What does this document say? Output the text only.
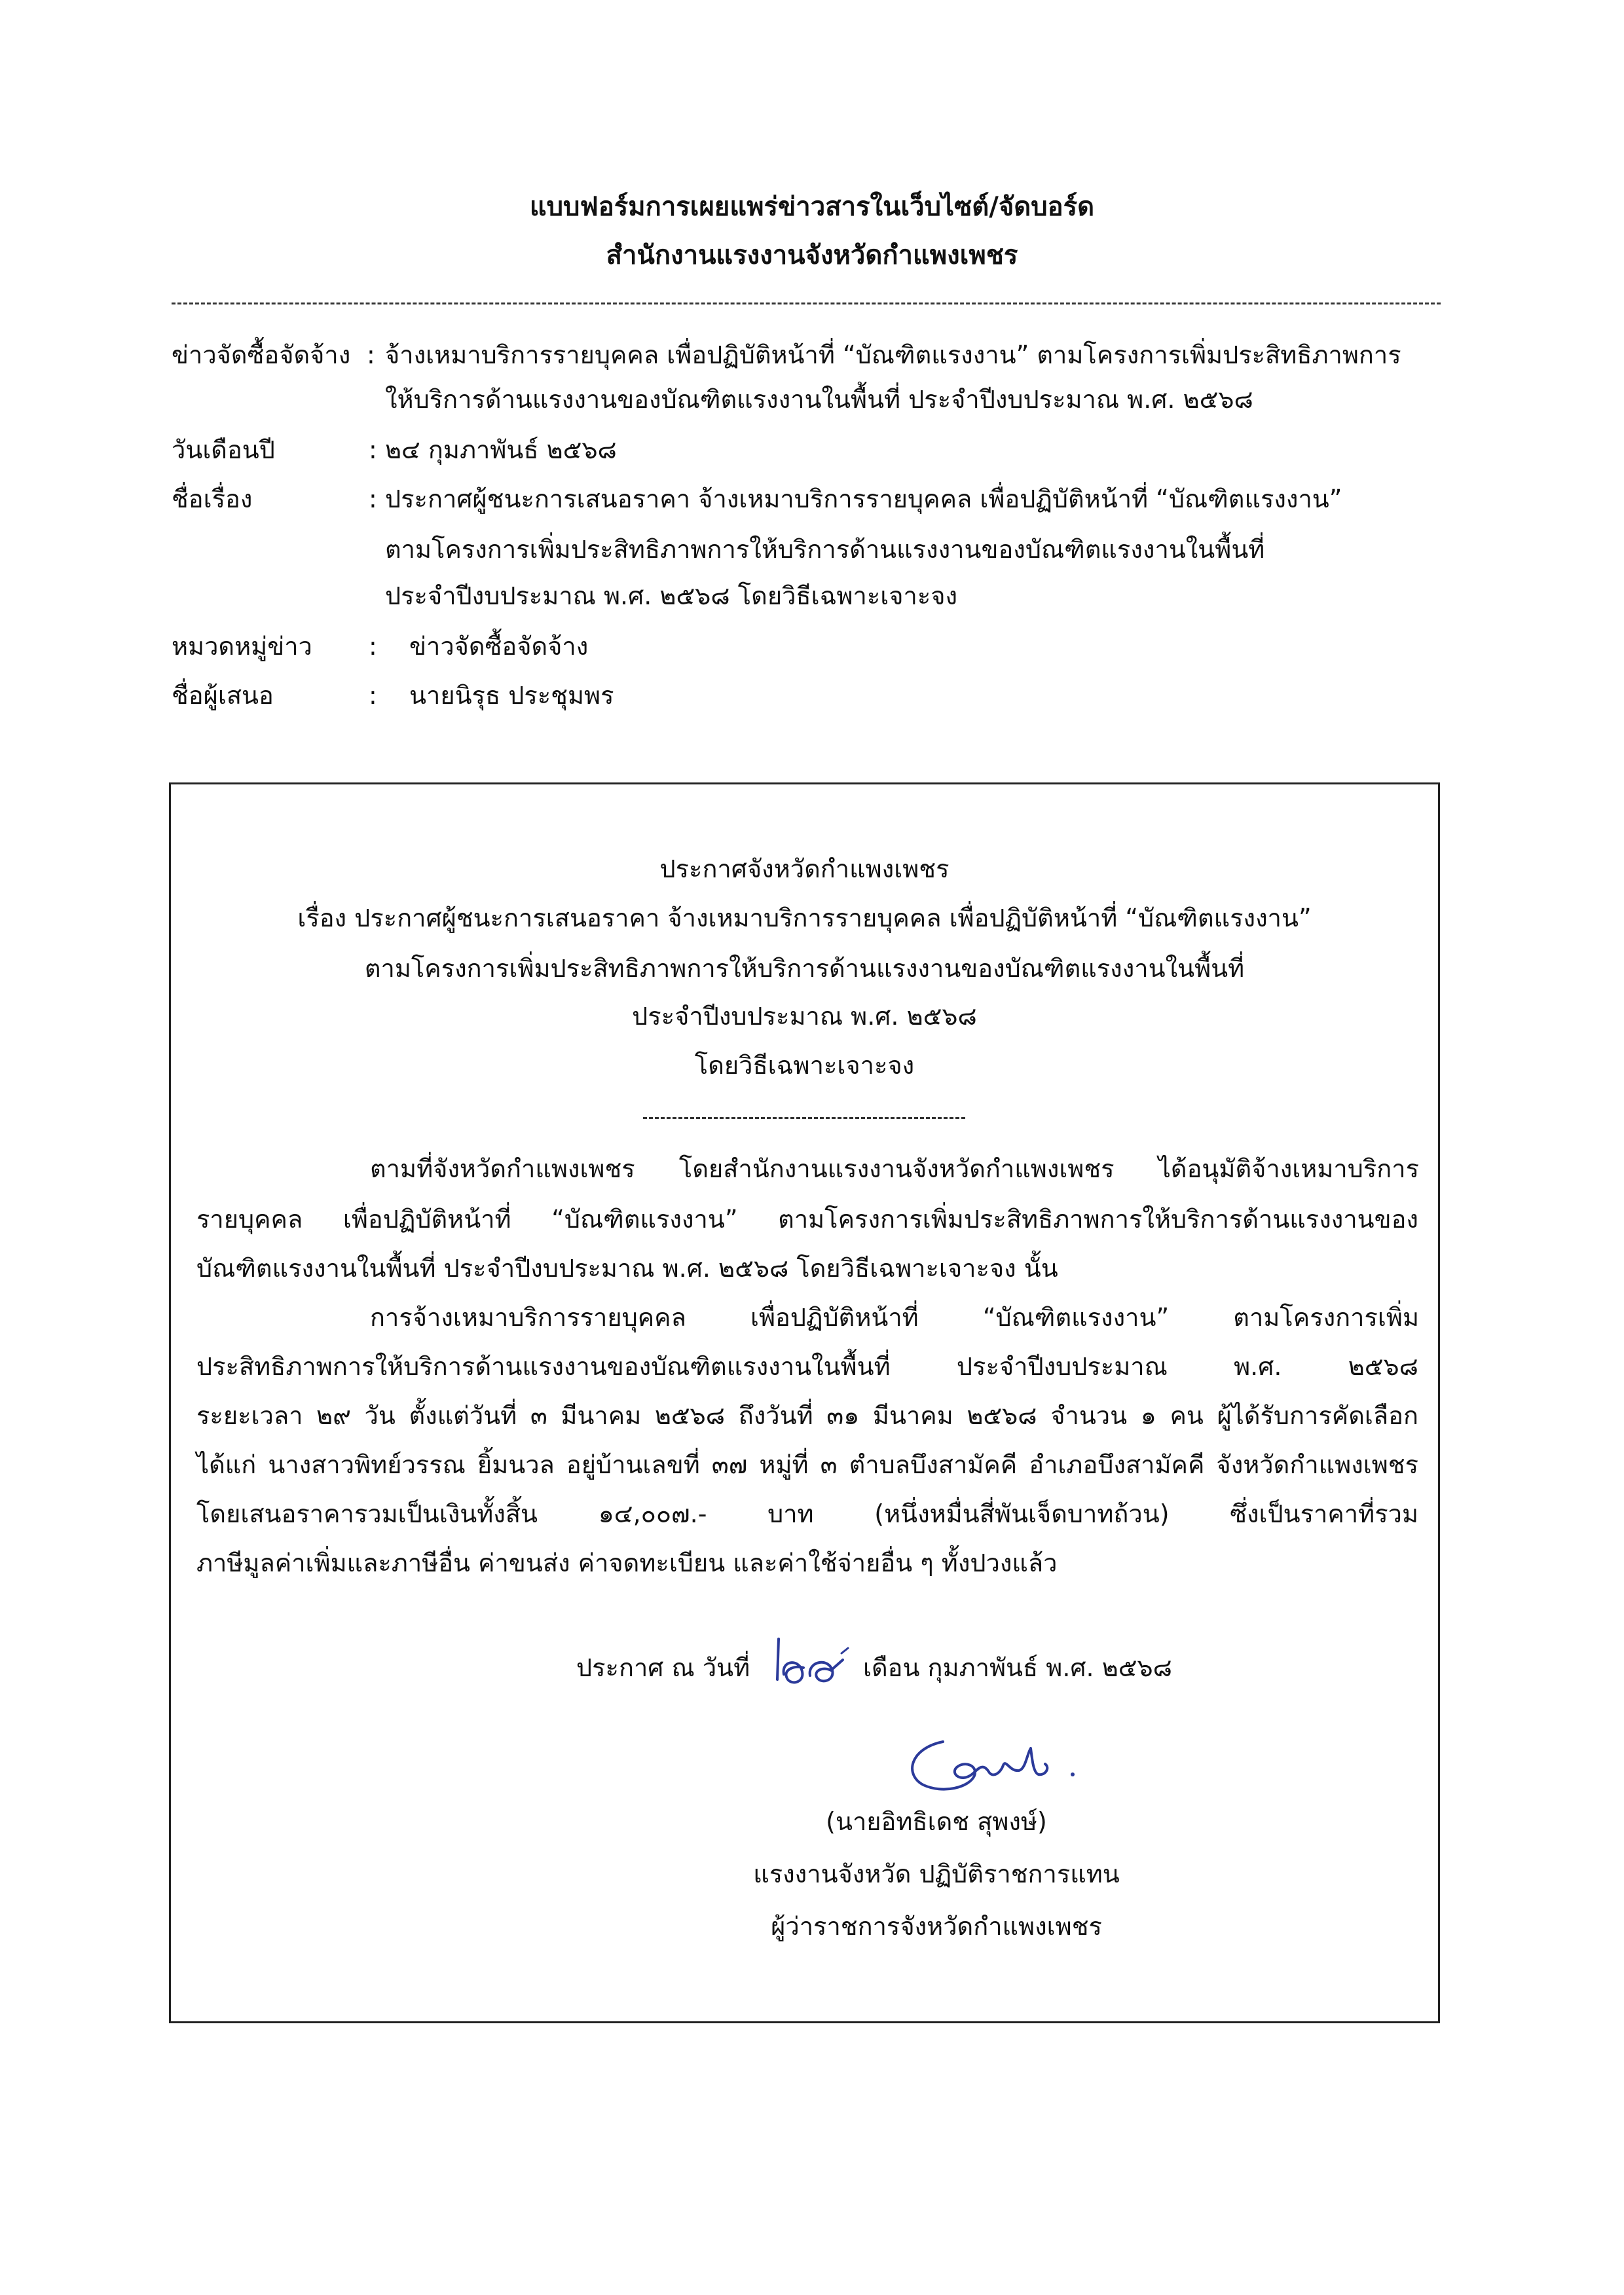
แบบฟอร์มการเผยแพร่ข่าวสารในเว็บไซต์/จัดบอร์ด
สำนักงานแรงงานจังหวัดกำแพงเพชร
ข่าวจัดซื้อจัดจ้าง : จ้างเหมาบริการรายบุคคล เพื่อปฏิบัติหน้าที่ “บัณฑิตแรงงาน” ตามโครงการเพิ่มประสิทธิภาพการ
ให้บริการด้านแรงงานของบัณฑิตแรงงานในพื้นที่ ประจำปีงบประมาณ พ.ศ. ๒๕๖๘
วันเดือนปี	: ๒๔ กุมภาพันธ์ ๒๕๖๘
ชื่อเรื่อง	: ประกาศผู้ชนะการเสนอราคา จ้างเหมาบริการรายบุคคล เพื่อปฏิบัติหน้าที่ “บัณฑิตแรงงาน”
ตามโครงการเพิ่มประสิทธิภาพการให้บริการด้านแรงงานของบัณฑิตแรงงานในพื้นที่
ประจำปีงบประมาณ พ.ศ. ๒๕๖๘ โดยวิธีเฉพาะเจาะจง
หมวดหมู่ข่าว	: ข่าวจัดซื้อจัดจ้าง
ชื่อผู้เสนอ	: นายนิรุธ ประชุมพร
ประกาศจังหวัดกำแพงเพชร
เรื่อง ประกาศผู้ชนะการเสนอราคา จ้างเหมาบริการรายบุคคล เพื่อปฏิบัติหน้าที่ “บัณฑิตแรงงาน”
ตามโครงการเพิ่มประสิทธิภาพการให้บริการด้านแรงงานของบัณฑิตแรงงานในพื้นที่
ประจำปีงบประมาณ พ.ศ. ๒๕๖๘
โดยวิธีเฉพาะเจาะจง
ตามที่จังหวัดกำแพงเพชร โดยสำนักงานแรงงานจังหวัดกำแพงเพชร ได้อนุมัติจ้างเหมาบริการ
รายบุคคล เพื่อปฏิบัติหน้าที่ “บัณฑิตแรงงาน” ตามโครงการเพิ่มประสิทธิภาพการให้บริการด้านแรงงานของ
บัณฑิตแรงงานในพื้นที่ ประจำปีงบประมาณ พ.ศ. ๒๕๖๘ โดยวิธีเฉพาะเจาะจง นั้น
การจ้างเหมาบริการรายบุคคล เพื่อปฏิบัติหน้าที่ “บัณฑิตแรงงาน” ตามโครงการเพิ่ม
ประสิทธิภาพการให้บริการด้านแรงงานของบัณฑิตแรงงานในพื้นที่ ประจำปีงบประมาณ พ.ศ. ๒๕๖๘
ระยะเวลา ๒๙ วัน ตั้งแต่วันที่ ๓ มีนาคม ๒๕๖๘ ถึงวันที่ ๓๑ มีนาคม ๒๕๖๘ จำนวน ๑ คน ผู้ได้รับการคัดเลือก
ได้แก่ นางสาวพิทย์วรรณ ยิ้มนวล อยู่บ้านเลขที่ ๓๗ หมู่ที่ ๓ ตำบลบึงสามัคคี อำเภอบึงสามัคคี จังหวัดกำแพงเพชร
โดยเสนอราคารวมเป็นเงินทั้งสิ้น ๑๔,๐๐๗.- บาท (หนึ่งหมื่นสี่พันเจ็ดบาทถ้วน) ซึ่งเป็นราคาที่รวม
ภาษีมูลค่าเพิ่มและภาษีอื่น ค่าขนส่ง ค่าจดทะเบียน และค่าใช้จ่ายอื่น ๆ ทั้งปวงแล้ว
ประกาศ ณ วันที่	เดือน กุมภาพันธ์ พ.ศ. ๒๕๖๘
(นายอิทธิเดช สุพงษ์)
แรงงานจังหวัด ปฏิบัติราชการแทน
ผู้ว่าราชการจังหวัดกำแพงเพชร
